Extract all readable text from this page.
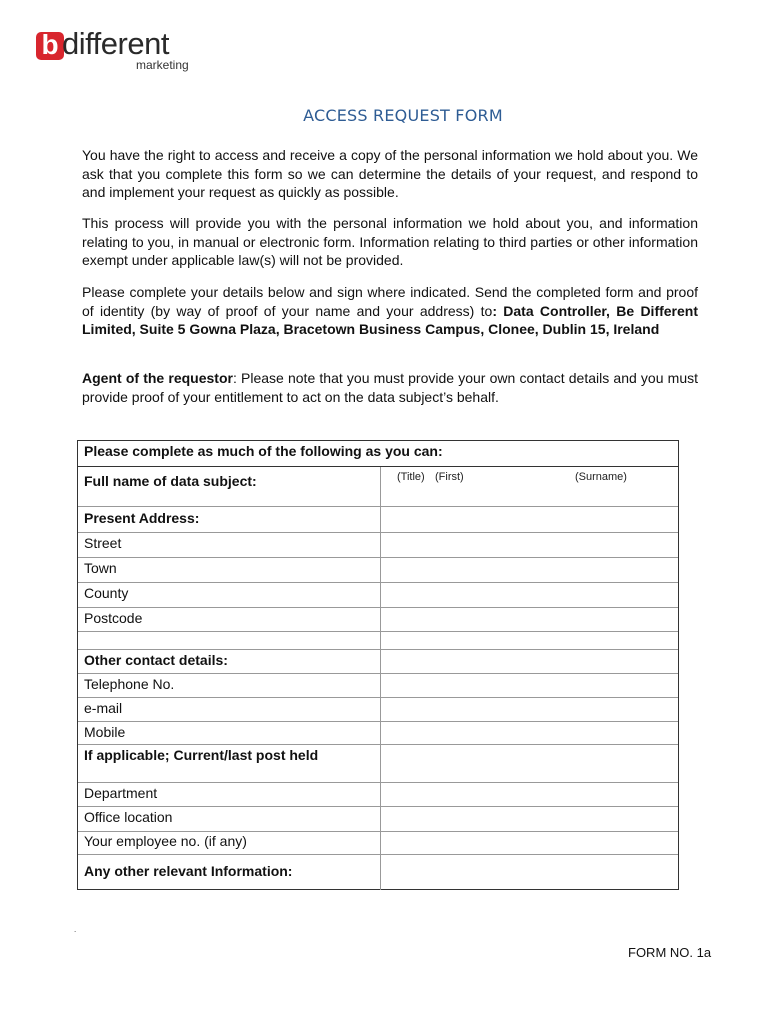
b different
marketing
ACCESS REQUEST FORM
You have the right to access and receive a copy of the personal information we hold about you. We ask that you complete this form so we can determine the details of your request, and respond to and implement your request as quickly as possible.
This process will provide you with the personal information we hold about you, and information relating to you, in manual or electronic form. Information relating to third parties or other information exempt under applicable law(s) will not be provided.
Please complete your details below and sign where indicated. Send the completed form and proof of identity (by way of proof of your name and your address) to: Data Controller, Be Different Limited, Suite 5 Gowna Plaza, Bracetown Business Campus, Clonee, Dublin 15, Ireland
Agent of the requestor: Please note that you must provide your own contact details and you must provide proof of your entitlement to act on the data subject’s behalf.
Please complete as much of the following as you can:
Full name of data subject:	(Title) (First)	(Surname)
Present Address:
Street
Town
County
Postcode
Other contact details:
Telephone No.
e-mail
Mobile
If applicable; Current/last post held
Department
Office location
Your employee no. (if any)
Any other relevant Information:
.
FORM NO. 1a
